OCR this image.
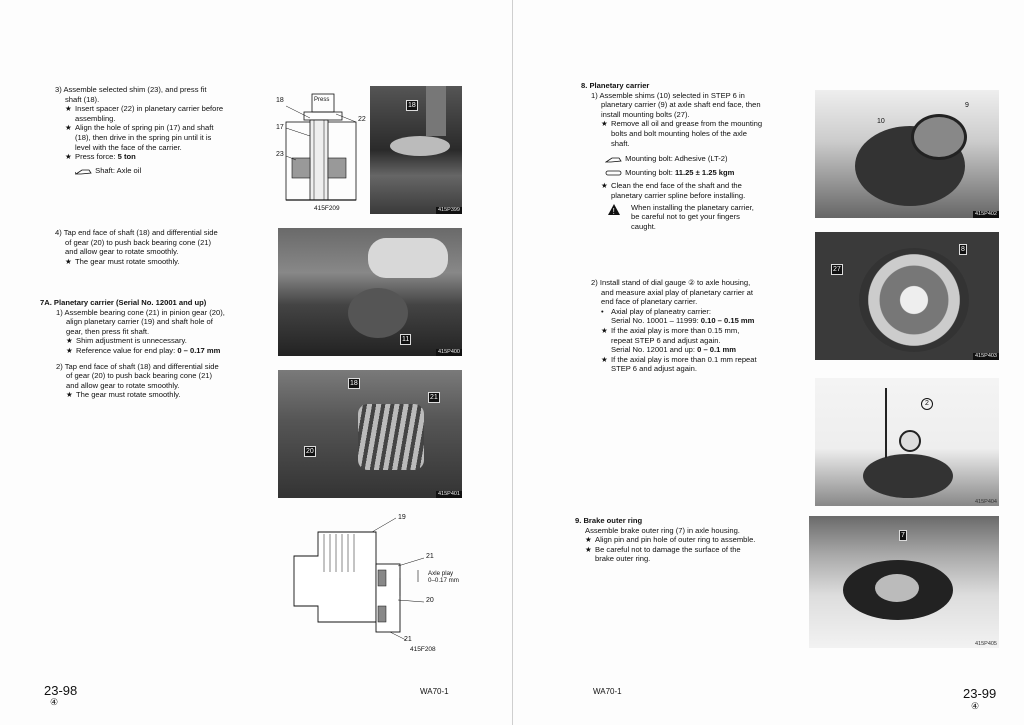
3) Assemble selected shim (23), and press fit

shaft (18).

★ Insert spacer (22) in planetary carrier before

assembling.

★ Align the hole of spring pin (17) and shaft

(18), then drive in the spring pin until it is

level with the face of the carrier.

★ Press force: 5 ton

Shaft: Axle oil

18
17
23
22
Press
415F209
18
415P399

4) Tap end face of shaft (18) and differential side

of gear (20) to push back bearing cone (21)

and allow gear to rotate smoothly.

★ The gear must rotate smoothly.

11
415P400

7A. Planetary carrier (Serial No. 12001 and up)

1) Assemble bearing cone (21) in pinion gear (20),

align planetary carrier (19) and shaft hole of

gear, then press fit shaft.

★ Shim adjustment is unnecessary.

★ Reference value for end play: 0 – 0.17 mm

2) Tap end face of shaft (18) and differential side

of gear (20) to push back bearing cone (21)

and allow gear to rotate smoothly.

★ The gear must rotate smoothly.

18
21
20
415P401
19
21
20
21
Axle play
0–0.17 mm
415F208
23-98
④
WA70-1

8. Planetary carrier

1) Assemble shims (10) selected in STEP 6 in

planetary carrier (9) at axle shaft end face, then

install mounting bolts (27).

★ Remove all oil and grease from the mounting

bolts and bolt mounting holes of the axle

shaft.

Mounting bolt: Adhesive (LT-2)

Mounting bolt: 11.25 ± 1.25 kgm

★ Clean the end face of the shaft and the

planetary carrier spline before installing.

! When installing the planetary carrier,

be careful not to get your fingers

caught.

2) Install stand of dial gauge ② to axle housing,

and measure axial play of planetary carrier at

end face of planetary carrier.

• Axial play of planeatry carrier:

Serial No. 10001 – 11999: 0.10 – 0.15 mm

★ If the axial play is more than 0.15 mm,

repeat STEP 6 and adjust again.

Serial No. 12001 and up: 0 – 0.1 mm

★ If the axial play is more than 0.1 mm repeat

STEP 6 and adjust again.

9. Brake outer ring

Assemble brake outer ring (7) in axle housing.

★ Align pin and pin hole of outer ring to assemble.

★ Be careful not to damage the surface of the

brake outer ring.

10
9
415P402
8
27
415P403
2
415P404
7
415P405
WA70-1	23-99
④
